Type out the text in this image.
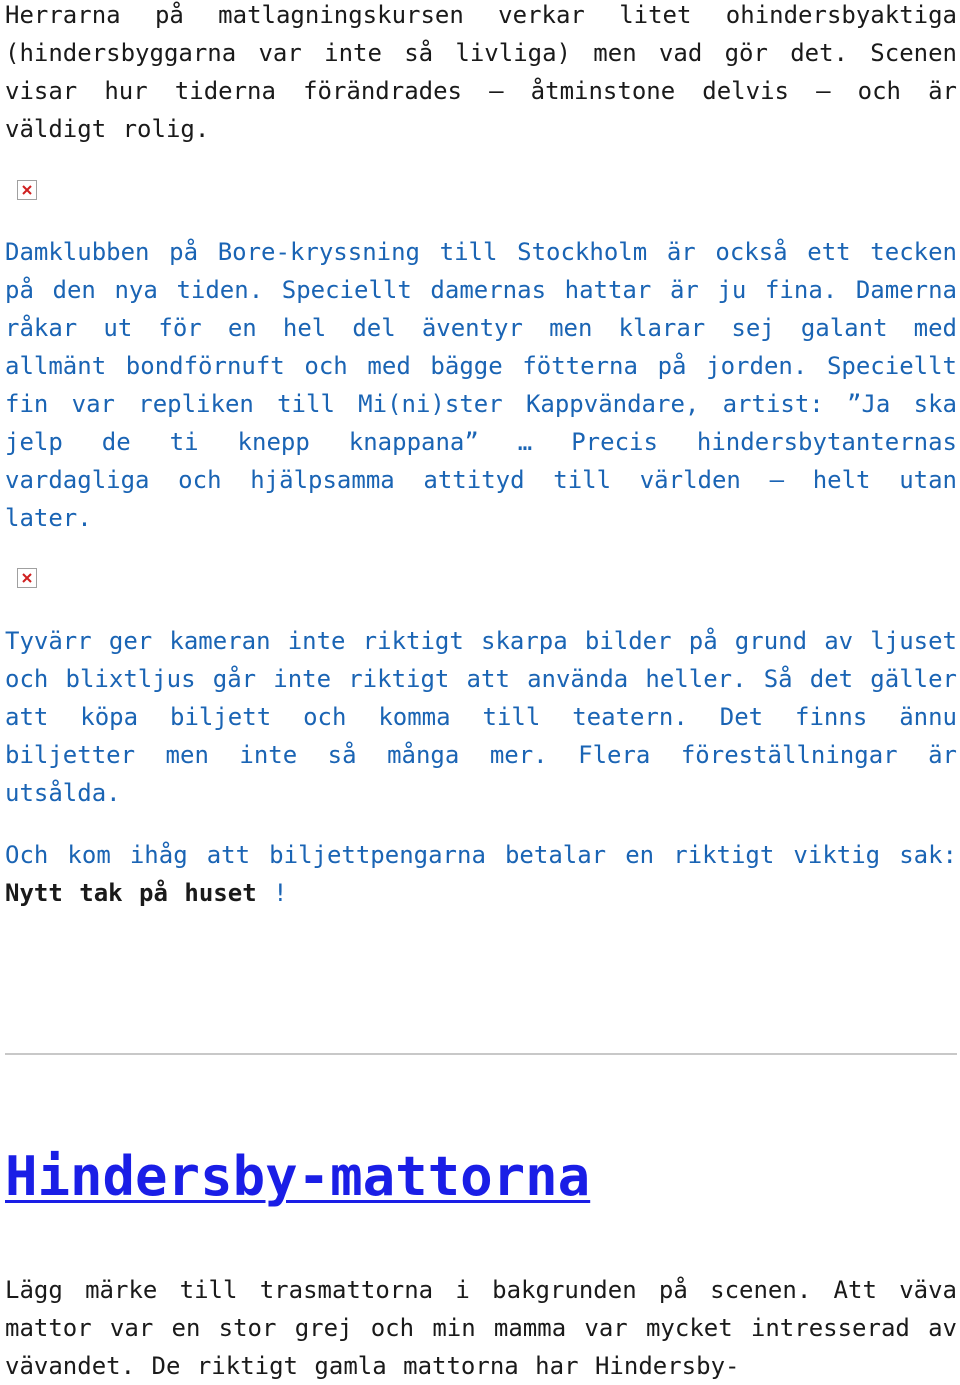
Herrarna på matlagningskursen verkar litet ohindersbyaktiga (hindersbyggarna var inte så livliga) men vad gör det. Scenen visar hur tiderna förändrades – åtminstone delvis – och är väldigt rolig.

Damklubben på Bore-kryssning till Stockholm är också ett tecken på den nya tiden. Speciellt damernas hattar är ju fina. Damerna råkar ut för en hel del äventyr men klarar sej galant med allmänt bondförnuft och med bägge fötterna på jorden. Speciellt fin var repliken till Mi(ni)ster Kappvändare, artist: ”Ja ska jelp de ti knepp knappana” … Precis hindersbytanternas vardagliga och hjälpsamma attityd till världen – helt utan later.

Tyvärr ger kameran inte riktigt skarpa bilder på grund av ljuset och blixtljus går inte riktigt att använda heller. Så det gäller att köpa biljett och komma till teatern. Det finns ännu biljetter men inte så många mer. Flera föreställningar är utsålda.

Och kom ihåg att biljettpengarna betalar en riktigt viktig sak: Nytt tak på huset !

Hindersby-mattorna

Lägg märke till trasmattorna i bakgrunden på scenen. Att väva mattor var en stor grej och min mamma var mycket intresserad av vävandet. De riktigt gamla mattorna har Hindersby-
